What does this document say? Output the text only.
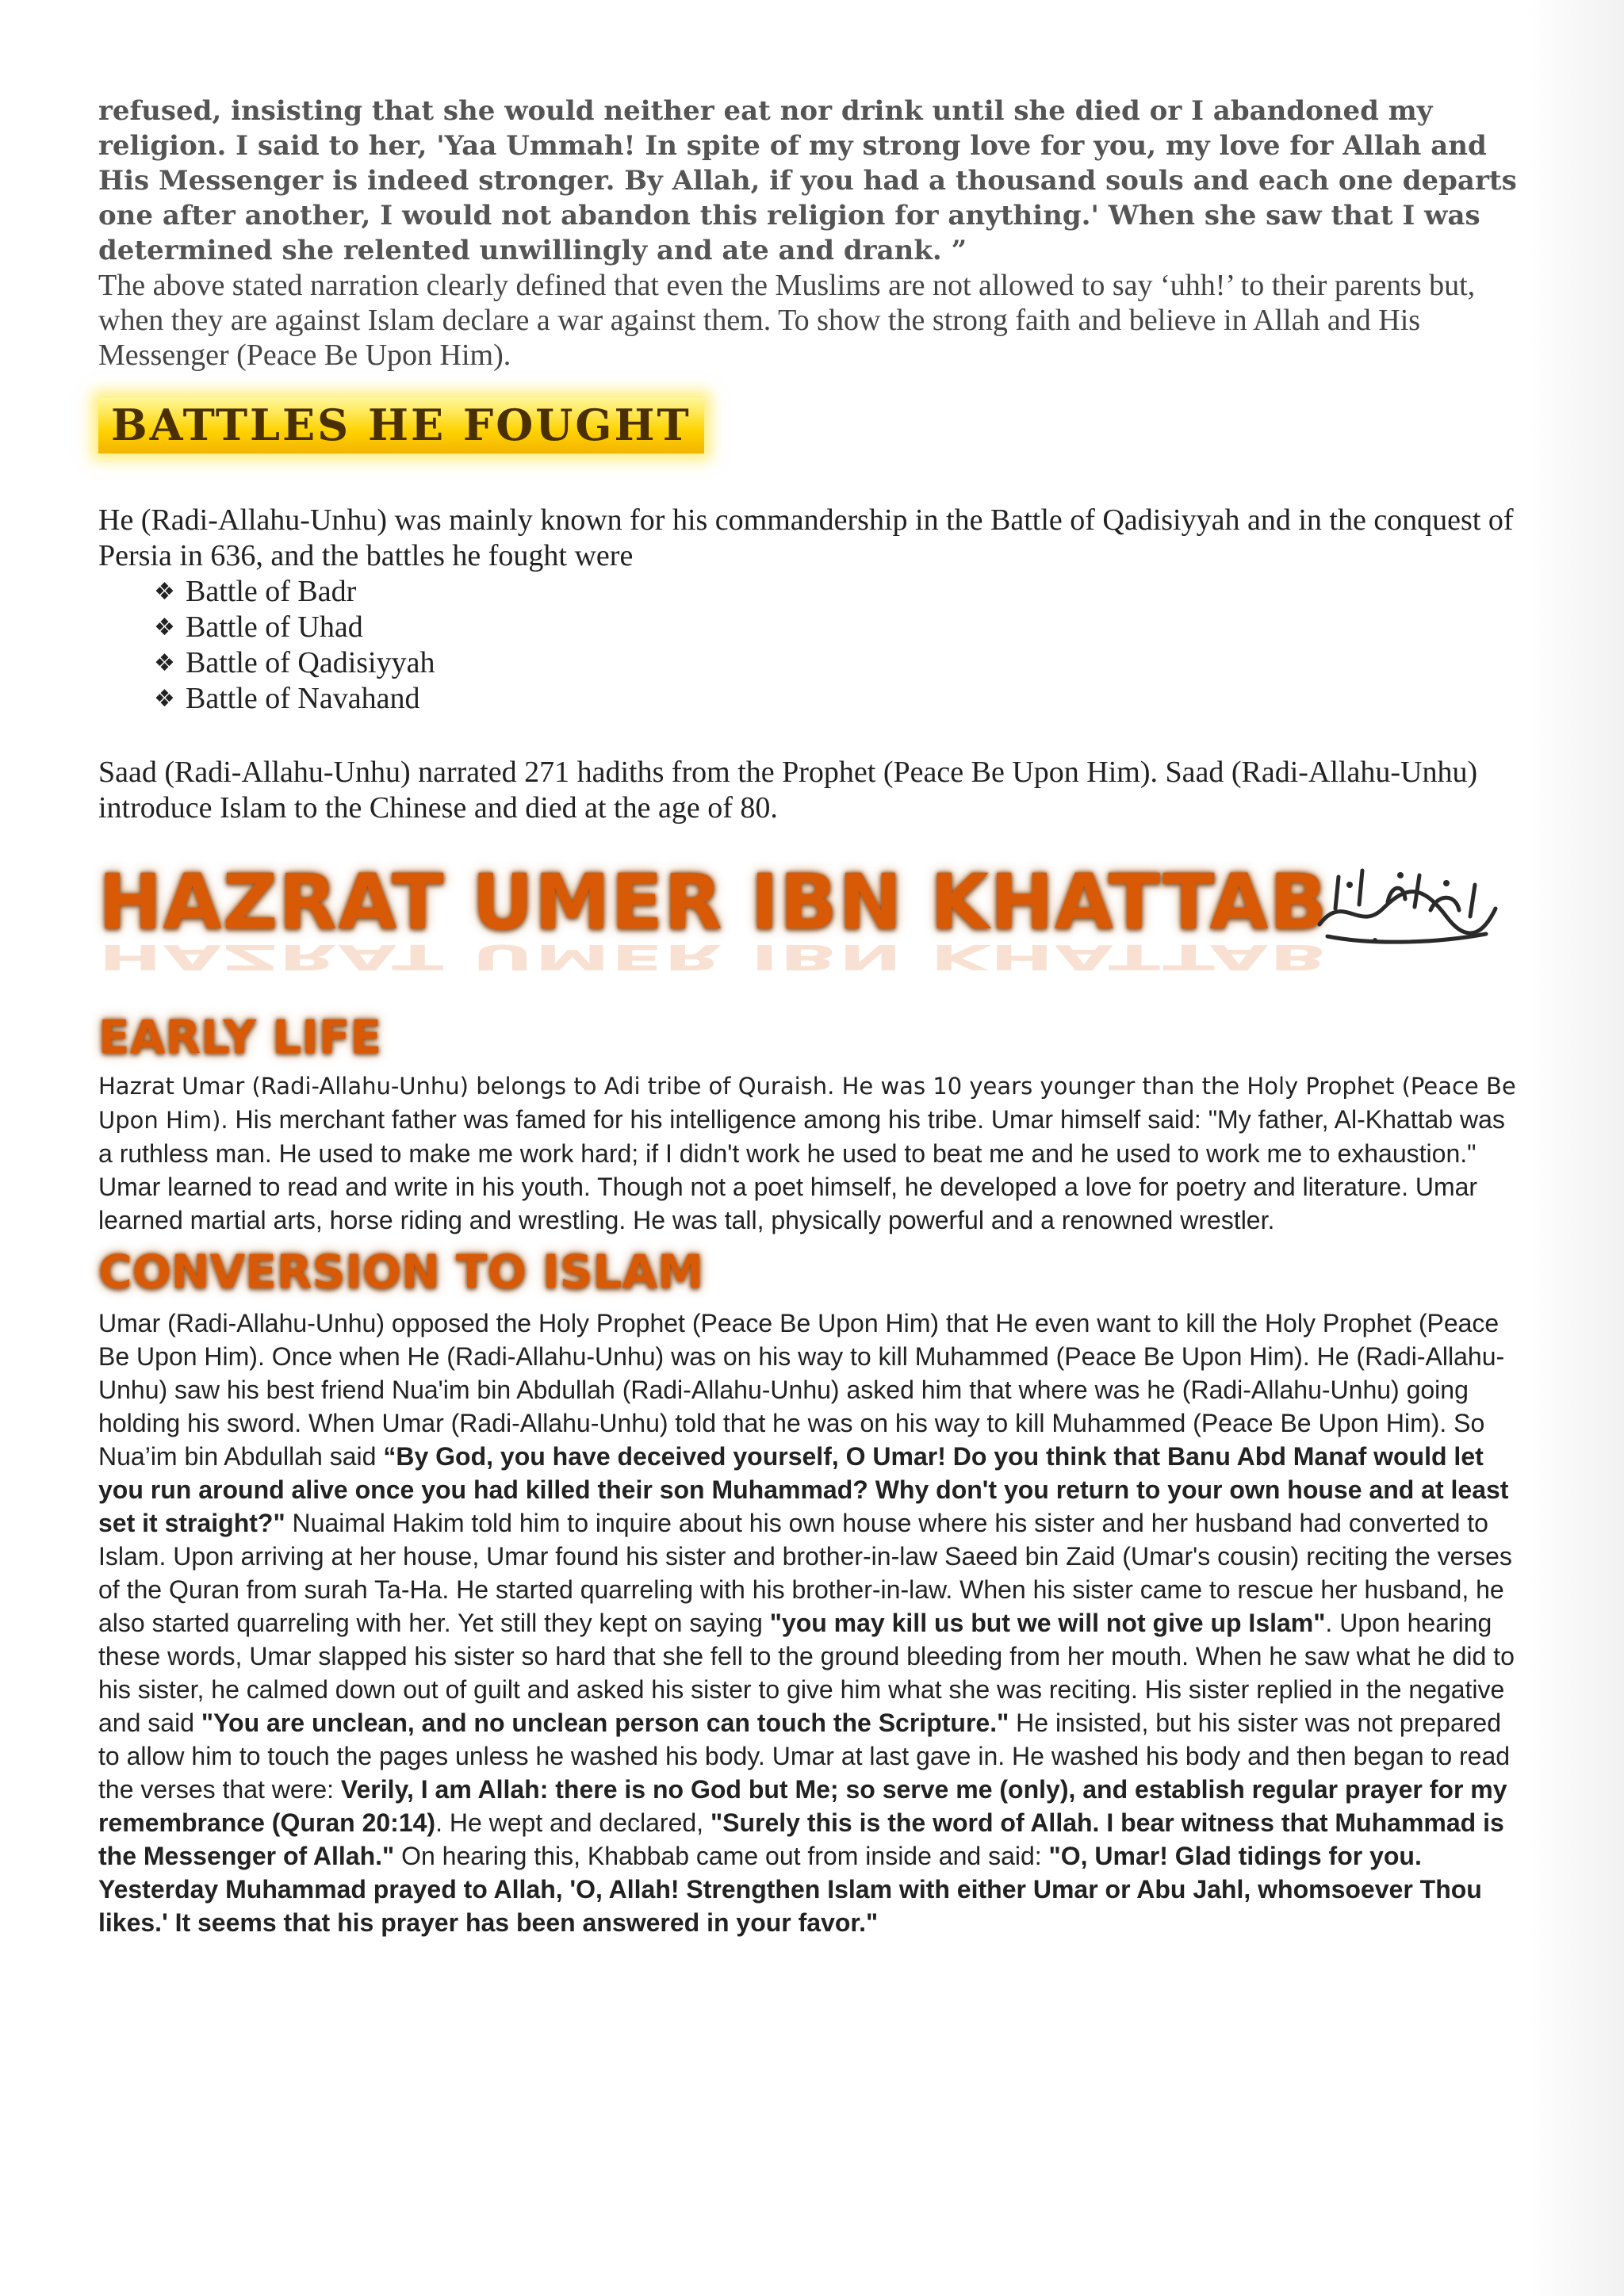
refused, insisting that she would neither eat nor drink until she died or I abandoned my religion. I said to her, 'Yaa Ummah! In spite of my strong love for you, my love for Allah and His Messenger is indeed stronger. By Allah, if you had a thousand souls and each one departs one after another, I would not abandon this religion for anything.' When she saw that I was determined she relented unwillingly and ate and drank. ”

The above stated narration clearly defined that even the Muslims are not allowed to say ‘uhh!’ to their parents but, when they are against Islam declare a war against them. To show the strong faith and believe in Allah and His Messenger (Peace Be Upon Him).

BATTLES HE FOUGHT

He (Radi-Allahu-Unhu) was mainly known for his commandership in the Battle of Qadisiyyah and in the conquest of Persia in 636, and the battles he fought were

❖ Battle of Badr
❖ Battle of Uhad
❖ Battle of Qadisiyyah
❖ Battle of Navahand

Saad (Radi-Allahu-Unhu) narrated 271 hadiths from the Prophet (Peace Be Upon Him). Saad (Radi-Allahu-Unhu) introduce Islam to the Chinese and died at the age of 80.

HAZRAT UMER IBN KHATTAB
HAZRAT UMER IBN KHATTAB
EARLY LIFE

Hazrat Umar (Radi-Allahu-Unhu) belongs to Adi tribe of Quraish. He was 10 years younger than the Holy Prophet (Peace Be Upon Him). His merchant father was famed for his intelligence among his tribe. Umar himself said: "My father, Al-Khattab was a ruthless man. He used to make me work hard; if I didn't work he used to beat me and he used to work me to exhaustion." Umar learned to read and write in his youth. Though not a poet himself, he developed a love for poetry and literature. Umar learned martial arts, horse riding and wrestling. He was tall, physically powerful and a renowned wrestler.

CONVERSION TO ISLAM

Umar (Radi-Allahu-Unhu) opposed the Holy Prophet (Peace Be Upon Him) that He even want to kill the Holy Prophet (Peace Be Upon Him). Once when He (Radi-Allahu-Unhu) was on his way to kill Muhammed (Peace Be Upon Him). He (Radi-Allahu-Unhu) saw his best friend Nua'im bin Abdullah (Radi-Allahu-Unhu) asked him that where was he (Radi-Allahu-Unhu) going holding his sword. When Umar (Radi-Allahu-Unhu) told that he was on his way to kill Muhammed (Peace Be Upon Him). So Nua’im bin Abdullah said “By God, you have deceived yourself, O Umar! Do you think that Banu Abd Manaf would let you run around alive once you had killed their son Muhammad? Why don't you return to your own house and at least set it straight?" Nuaimal Hakim told him to inquire about his own house where his sister and her husband had converted to Islam. Upon arriving at her house, Umar found his sister and brother-in-law Saeed bin Zaid (Umar's cousin) reciting the verses of the Quran from surah Ta-Ha. He started quarreling with his brother-in-law. When his sister came to rescue her husband, he also started quarreling with her. Yet still they kept on saying "you may kill us but we will not give up Islam". Upon hearing these words, Umar slapped his sister so hard that she fell to the ground bleeding from her mouth. When he saw what he did to his sister, he calmed down out of guilt and asked his sister to give him what she was reciting. His sister replied in the negative and said "You are unclean, and no unclean person can touch the Scripture." He insisted, but his sister was not prepared to allow him to touch the pages unless he washed his body. Umar at last gave in. He washed his body and then began to read the verses that were: Verily, I am Allah: there is no God but Me; so serve me (only), and establish regular prayer for my remembrance (Quran 20:14). He wept and declared, "Surely this is the word of Allah. I bear witness that Muhammad is the Messenger of Allah." On hearing this, Khabbab came out from inside and said: "O, Umar! Glad tidings for you. Yesterday Muhammad prayed to Allah, 'O, Allah! Strengthen Islam with either Umar or Abu Jahl, whomsoever Thou likes.' It seems that his prayer has been answered in your favor."
